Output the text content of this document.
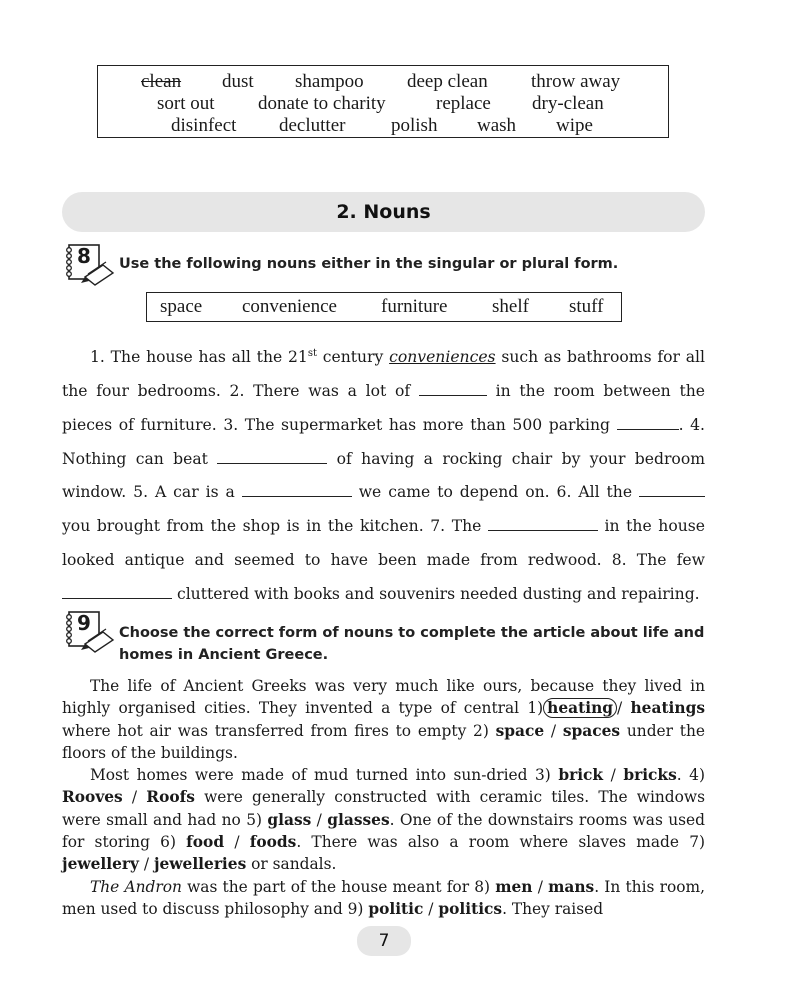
clean dust shampoo deep clean throw away
sort out donate to charity	replace dry-clean
disinfect declutter polish wash wipe
2. Nouns
8 Use the following nouns either in the singular or plural form.
space convenience furniture shelf stuff

1. The house has all the 21st century conveniences such as bathrooms for all the four bedrooms. 2. There was a lot of	in the room between the pieces of furniture. 3. The supermarket has more than 500 parking	. 4. Nothing can beat	of having a rocking chair by your bedroom window. 5. A car is a	we came to depend on. 6. All the  you brought from the shop is in the kitchen. 7. The	in the house looked antique and seemed to have been made from redwood. 8. The few  cluttered with books and souvenirs needed dusting and repairing.

9 Choose the correct form of nouns to complete the article about life and
homes in Ancient Greece.

The life of Ancient Greeks was very much like ours, because they lived in highly organised cities. They invented a type of central 1) heating / heatings where hot air was transferred from fires to empty 2) space / spaces under the floors of the buildings.

Most homes were made of mud turned into sun-dried 3) brick / bricks. 4) Rooves / Roofs were generally constructed with ceramic tiles. The windows were small and had no 5) glass / glasses. One of the downstairs rooms was used for storing 6) food / foods. There was also a room where slaves made 7) jewellery / jewelleries or sandals.

The Andron was the part of the house meant for 8) men / mans. In this room, men used to discuss philosophy and 9) politic / politics. They raised

7
